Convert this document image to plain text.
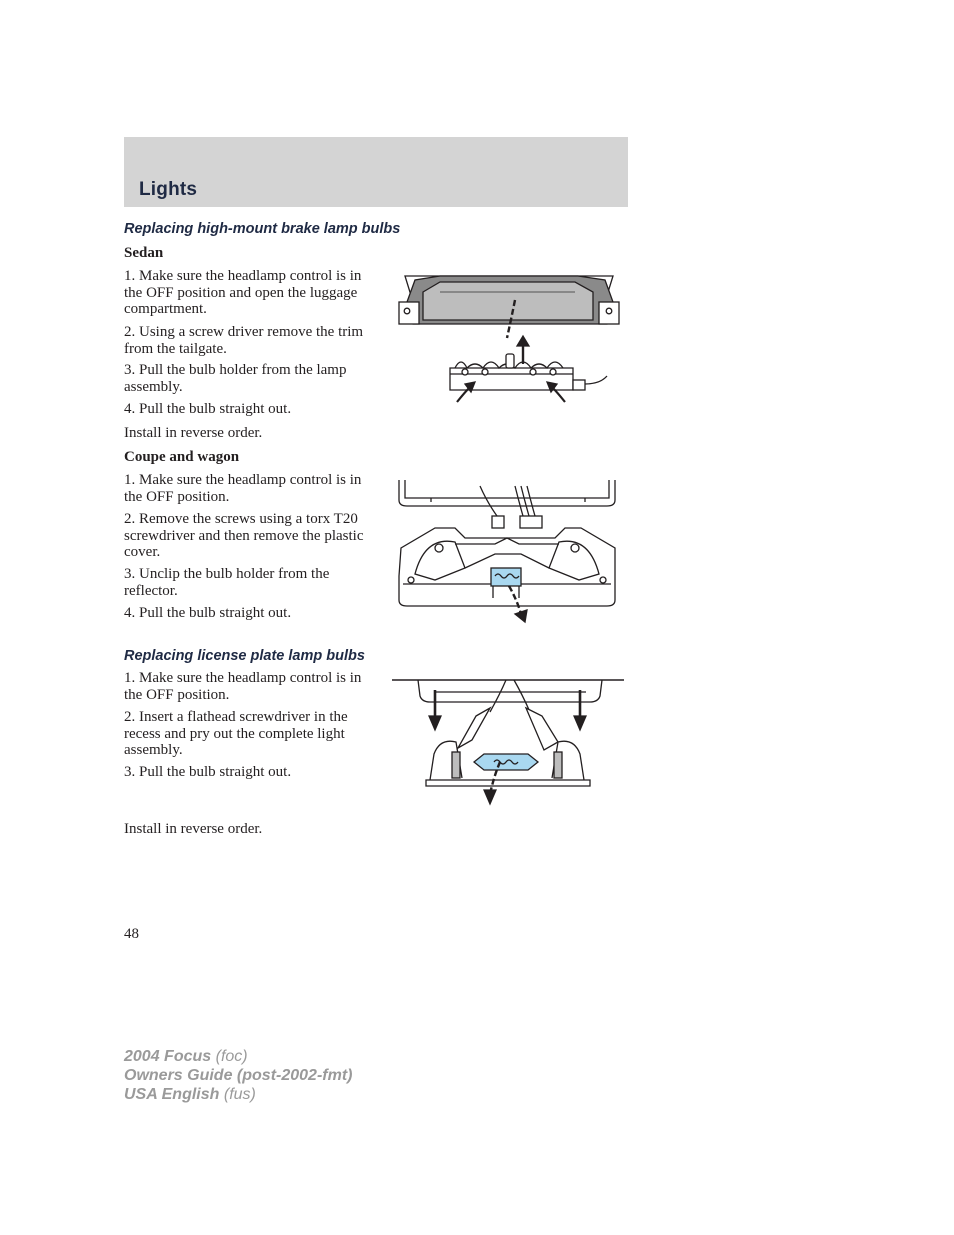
Lights
Replacing high-mount brake lamp bulbs
Sedan
1. Make sure the headlamp control is in the OFF position and open the luggage compartment.
2. Using a screw driver remove the trim from the tailgate.
3. Pull the bulb holder from the lamp assembly.
4. Pull the bulb straight out.
Install in reverse order.
Coupe and wagon
1. Make sure the headlamp control is in the OFF position.
2. Remove the screws using a torx T20 screwdriver and then remove the plastic cover.
3. Unclip the bulb holder from the reflector.
4. Pull the bulb straight out.
Replacing license plate lamp bulbs
1. Make sure the headlamp control is in the OFF position.
2. Insert a flathead screwdriver in the recess and pry out the complete light assembly.
3. Pull the bulb straight out.
Install in reverse order.
48
2004 Focus (foc)
Owners Guide (post-2002-fmt)
USA English (fus)
